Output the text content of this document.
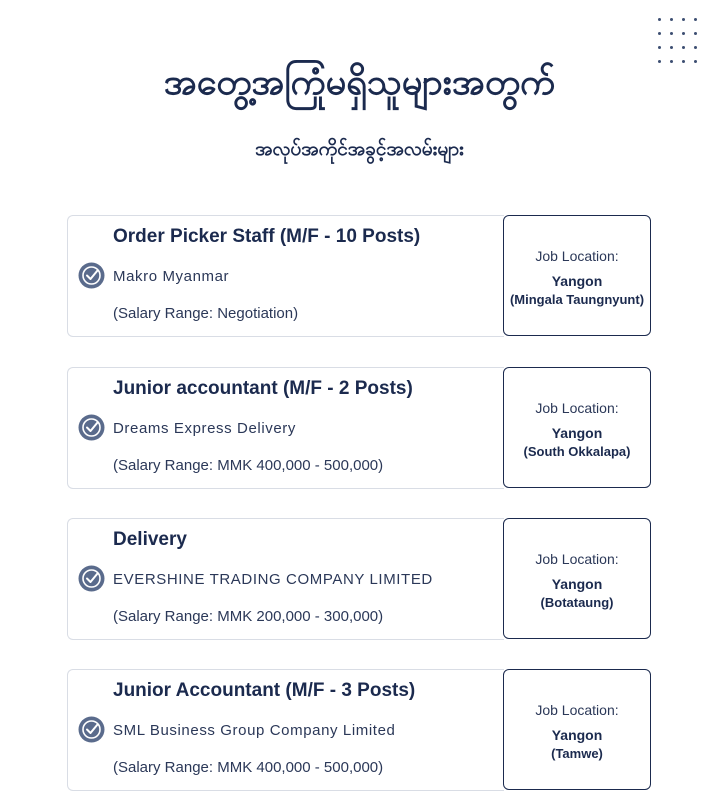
အတွေ့အကြုံမရှိသူများအတွက်
အလုပ်အကိုင်အခွင့်အလမ်းများ
Order Picker Staff (M/F - 10 Posts)
Makro Myanmar
(Salary Range: Negotiation)
Job Location:
Yangon
(Mingala Taungnyunt)
Junior accountant (M/F - 2 Posts)
Dreams Express Delivery
(Salary Range: MMK 400,000 - 500,000)
Job Location:
Yangon
(South Okkalapa)
Delivery
EVERSHINE TRADING COMPANY LIMITED
(Salary Range: MMK 200,000 - 300,000)
Job Location:
Yangon
(Botataung)
Junior Accountant (M/F - 3 Posts)
SML Business Group Company Limited
(Salary Range: MMK 400,000 - 500,000)
Job Location:
Yangon
(Tamwe)
